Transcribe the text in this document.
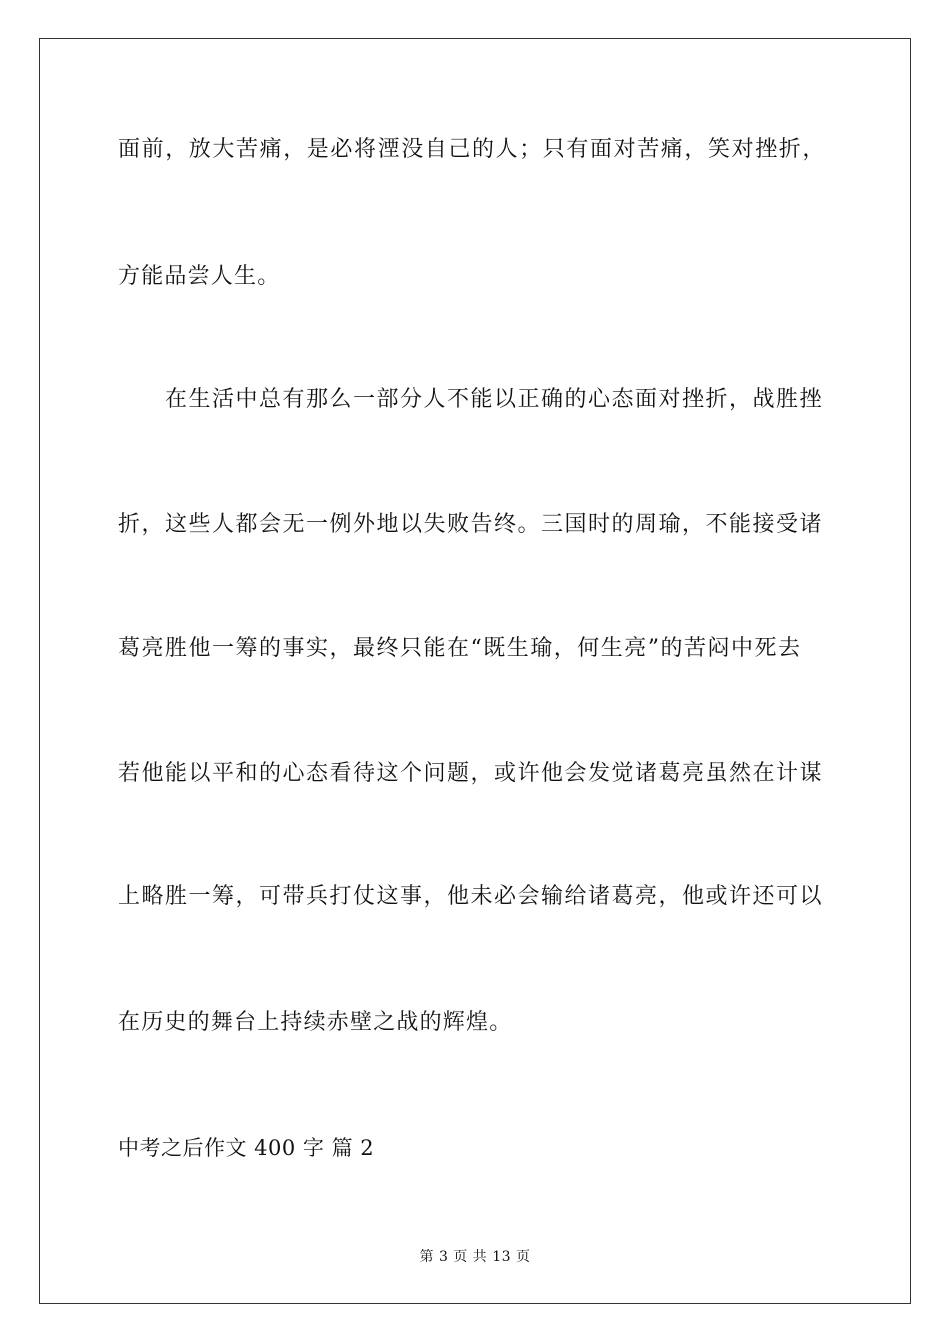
面前，放大苦痛，是必将湮没自己的人；只有面对苦痛，笑对挫折，
方能品尝人生。
在生活中总有那么一部分人不能以正确的心态面对挫折，战胜挫
折，这些人都会无一例外地以失败告终。三国时的周瑜，不能接受诸
葛亮胜他一筹的事实，最终只能在“既生瑜，何生亮”的苦闷中死去
若他能以平和的心态看待这个问题，或许他会发觉诸葛亮虽然在计谋
上略胜一筹，可带兵打仗这事，他未必会输给诸葛亮，他或许还可以
在历史的舞台上持续赤壁之战的辉煌。
中考之后作文 400 字 篇 2
第 3 页 共 13 页
